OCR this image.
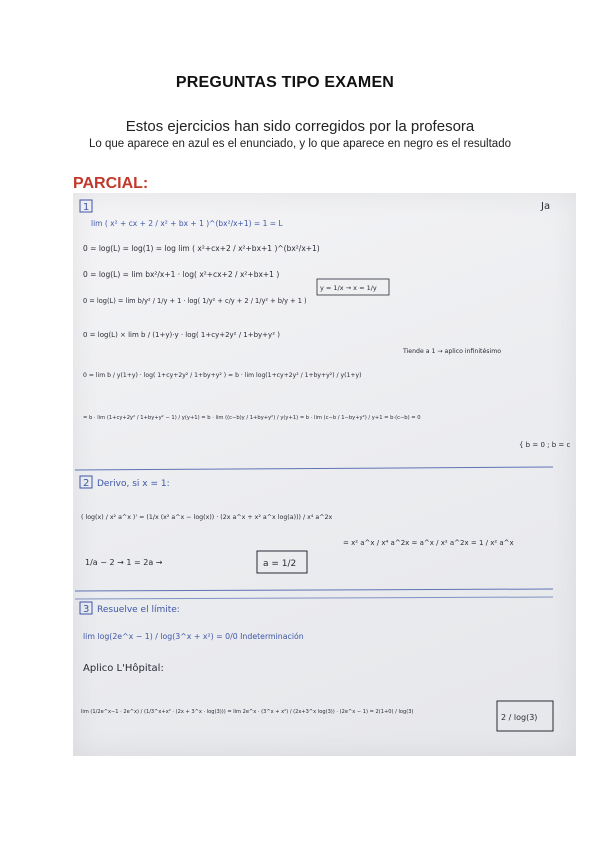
PREGUNTAS TIPO EXAMEN
Estos ejercicios han sido corregidos por la profesora
Lo que aparece en azul es el enunciado, y lo que aparece en negro es el resultado
PARCIAL:
Ja
1
lim ( x² + cx + 2 / x² + bx + 1 )^(bx²/x+1) = 1 = L
0 = log(L) = log(1) = log lim ( x²+cx+2 / x²+bx+1 )^(bx²/x+1)
0 = log(L) = lim bx²/x+1 · log( x²+cx+2 / x²+bx+1 )
0 = log(L) = lim b/y² / 1/y + 1 · log( 1/y² + c/y + 2 / 1/y² + b/y + 1 )
y = 1/x → x = 1/y
0 = log(L) × lim b / (1+y)·y · log( 1+cy+2y² / 1+by+y² )
Tiende a 1 → aplico infinitésimo
0 = lim b / y(1+y) · log( 1+cy+2y² / 1+by+y² ) = b · lim log(1+cy+2y² / 1+by+y²) / y(1+y)
= b · lim (1+cy+2y² / 1+by+y² − 1) / y(y+1) = b · lim ((c−b)y / 1+by+y²) / y(y+1) = b · lim (c−b / 1−by+y²) / y+1 = b·(c−b) = 0
{ b = 0 ; b = c
2 Derivo, si x = 1:
( log(x) / x² a^x )' = (1/x (x² a^x − log(x)) · (2x a^x + x² a^x log(a))) / x⁴ a^2x
= x² a^x / x⁴ a^2x = a^x / x² a^2x = 1 / x² a^x
1/a − 2 → 1 = 2a →	a = 1/2
3 Resuelve el límite:
lim log(2e^x − 1) / log(3^x + x²) = 0/0 Indeterminación
Aplico L'Hôpital:
lim (1/2e^x−1 · 2e^x) / (1/3^x+x² · (2x + 3^x · log(3))) = lim 2e^x · (3^x + x²) / (2x+3^x log(3)) · (2e^x − 1) = 2(1+0) / log(3)
2 / log(3)
